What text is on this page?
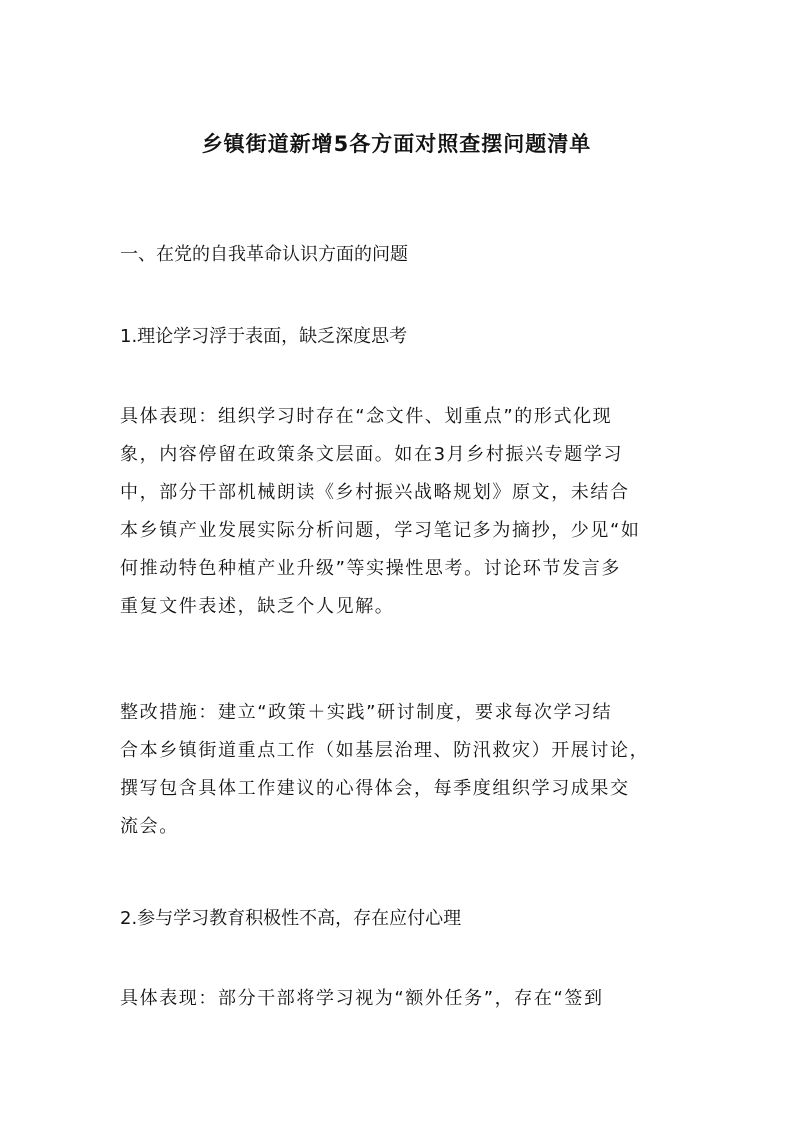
乡镇街道新增5各方面对照查摆问题清单
一、在党的自我革命认识方面的问题
1.理论学习浮于表面，缺乏深度思考
具体表现：组织学习时存在“念文件、划重点”的形式化现
象，内容停留在政策条文层面。如在3月乡村振兴专题学习
中，部分干部机械朗读《乡村振兴战略规划》原文，未结合
本乡镇产业发展实际分析问题，学习笔记多为摘抄，少见“如
何推动特色种植产业升级”等实操性思考。讨论环节发言多
重复文件表述，缺乏个人见解。
整改措施：建立“政策＋实践”研讨制度，要求每次学习结
合本乡镇街道重点工作（如基层治理、防汛救灾）开展讨论，
撰写包含具体工作建议的心得体会，每季度组织学习成果交
流会。
2.参与学习教育积极性不高，存在应付心理
具体表现：部分干部将学习视为“额外任务”，存在“签到
